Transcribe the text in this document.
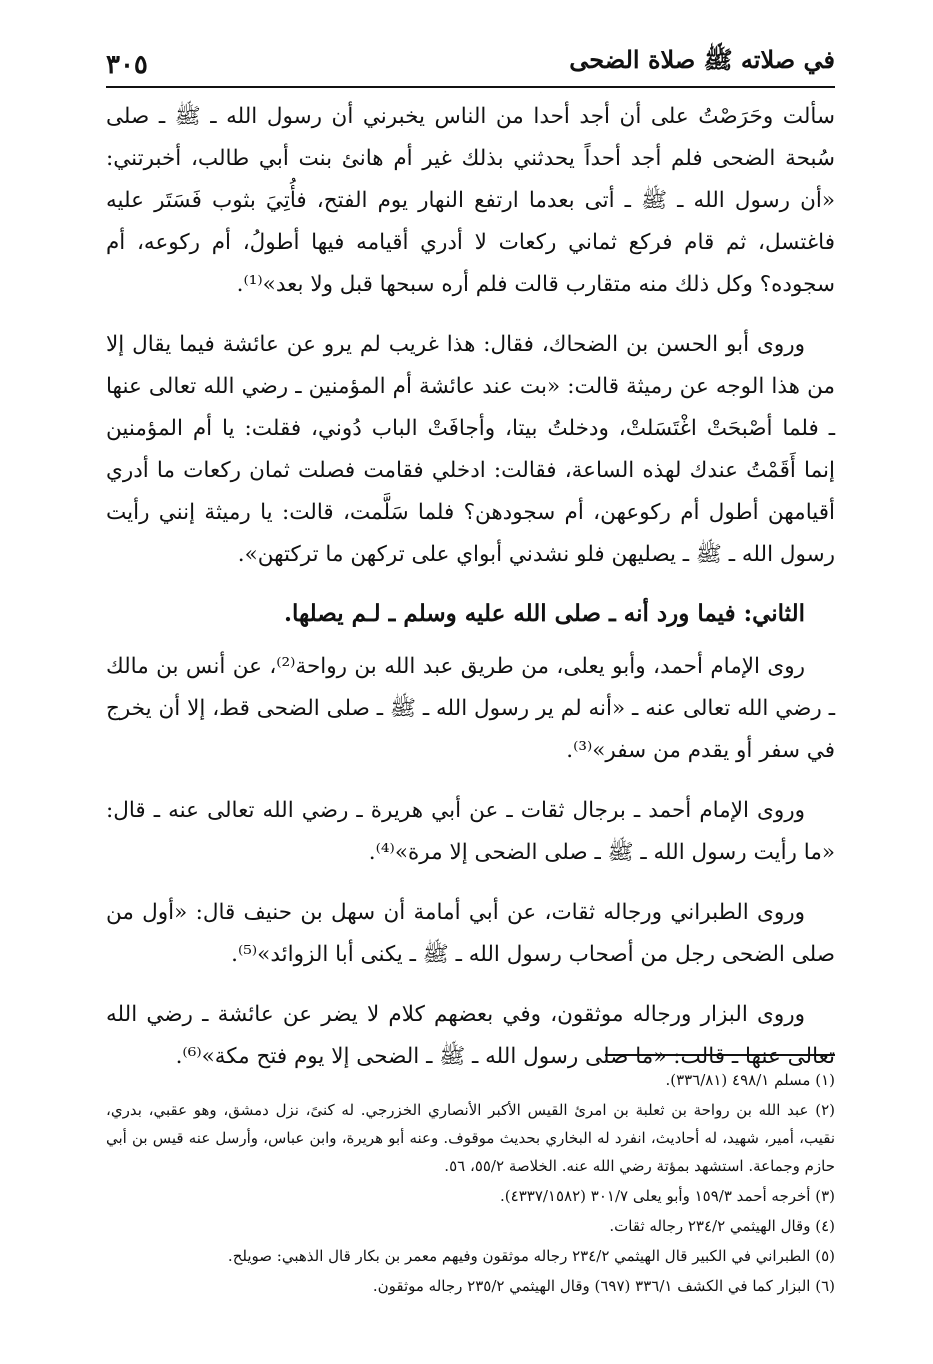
في صلاته ﷺ صلاة الضحى
٣٠٥

سألت وحَرَصْتُ على أن أجد أحدا من الناس يخبرني أن رسول الله ـ ﷺ ـ صلى سُبحة الضحى فلم أجد أحداً يحدثني بذلك غير أم هانئ بنت أبي طالب، أخبرتني: «أن رسول الله ـ ﷺ ـ أتى بعدما ارتفع النهار يوم الفتح، فأُتِيَ بثوب فَسَتَر عليه فاغتسل، ثم قام فركع ثماني ركعات لا أدري أقيامه فيها أطولُ، أم ركوعه، أم سجوده؟ وكل ذلك منه متقارب قالت فلم أره سبحها قبل ولا بعد»⁽¹⁾.

وروى أبو الحسن بن الضحاك، فقال: هذا غريب لم يرو عن عائشة فيما يقال إلا من هذا الوجه عن رميثة قالت: «بت عند عائشة أم المؤمنين ـ رضي الله تعالى عنها ـ فلما أصْبحَتْ اغْتَسَلتْ، ودخلتُ بيتا، وأجافَتْ الباب دُوني، فقلت: يا أم المؤمنين إنما أَقَمْتُ عندك لهذه الساعة، فقالت: ادخلي فقامت فصلت ثمان ركعات ما أدري أقيامهن أطول أم ركوعهن، أم سجودهن؟ فلما سَلَّمت، قالت: يا رميثة إنني رأيت رسول الله ـ ﷺ ـ يصليهن فلو نشدني أبواي على تركهن ما تركتهن».

الثاني: فيما ورد أنه ـ صلى الله عليه وسلم ـ لـم يصلها.

روى الإمام أحمد، وأبو يعلى، من طريق عبد الله بن رواحة⁽²⁾، عن أنس بن مالك ـ رضي الله تعالى عنه ـ «أنه لم ير رسول الله ـ ﷺ ـ صلى الضحى قط، إلا أن يخرج في سفر أو يقدم من سفر»⁽³⁾.

وروى الإمام أحمد ـ برجال ثقات ـ عن أبي هريرة ـ رضي الله تعالى عنه ـ قال: «ما رأيت رسول الله ـ ﷺ ـ صلى الضحى إلا مرة»⁽⁴⁾.

وروى الطبراني ورجاله ثقات، عن أبي أمامة أن سهل بن حنيف قال: «أول من صلى الضحى رجل من أصحاب رسول الله ـ ﷺ ـ يكنى أبا الزوائد»⁽⁵⁾.

وروى البزار ورجاله موثقون، وفي بعضهم كلام لا يضر عن عائشة ـ رضي الله تعالى عنها ـ قالت: «ما صلى رسول الله ـ ﷺ ـ الضحى إلا يوم فتح مكة»⁽⁶⁾.

(١) مسلم ٤٩٨/١ (٣٣٦/٨١).

(٢) عبد الله بن رواحة بن ثعلبة بن امرئ القيس الأكبر الأنصاري الخزرجي. له كنىً، نزل دمشق، وهو عقبي، بدري، نقيب، أمير، شهيد، له أحاديث، انفرد له البخاري بحديث موقوف. وعنه أبو هريرة، وابن عباس، وأرسل عنه قيس بن أبي حازم وجماعة. استشهد بمؤتة رضي الله عنه. الخلاصة ٥٥/٢، ٥٦.

(٣) أخرجه أحمد ١٥٩/٣ وأبو يعلى ٣٠١/٧ (٤٣٣٧/١٥٨٢).

(٤) وقال الهيثمي ٢٣٤/٢ رجاله ثقات.

(٥) الطبراني في الكبير قال الهيثمي ٢٣٤/٢ رجاله موثقون وفيهم معمر بن بكار قال الذهبي: صويلح.

(٦) البزار كما في الكشف ٣٣٦/١ (٦٩٧) وقال الهيثمي ٢٣٥/٢ رجاله موثقون.
